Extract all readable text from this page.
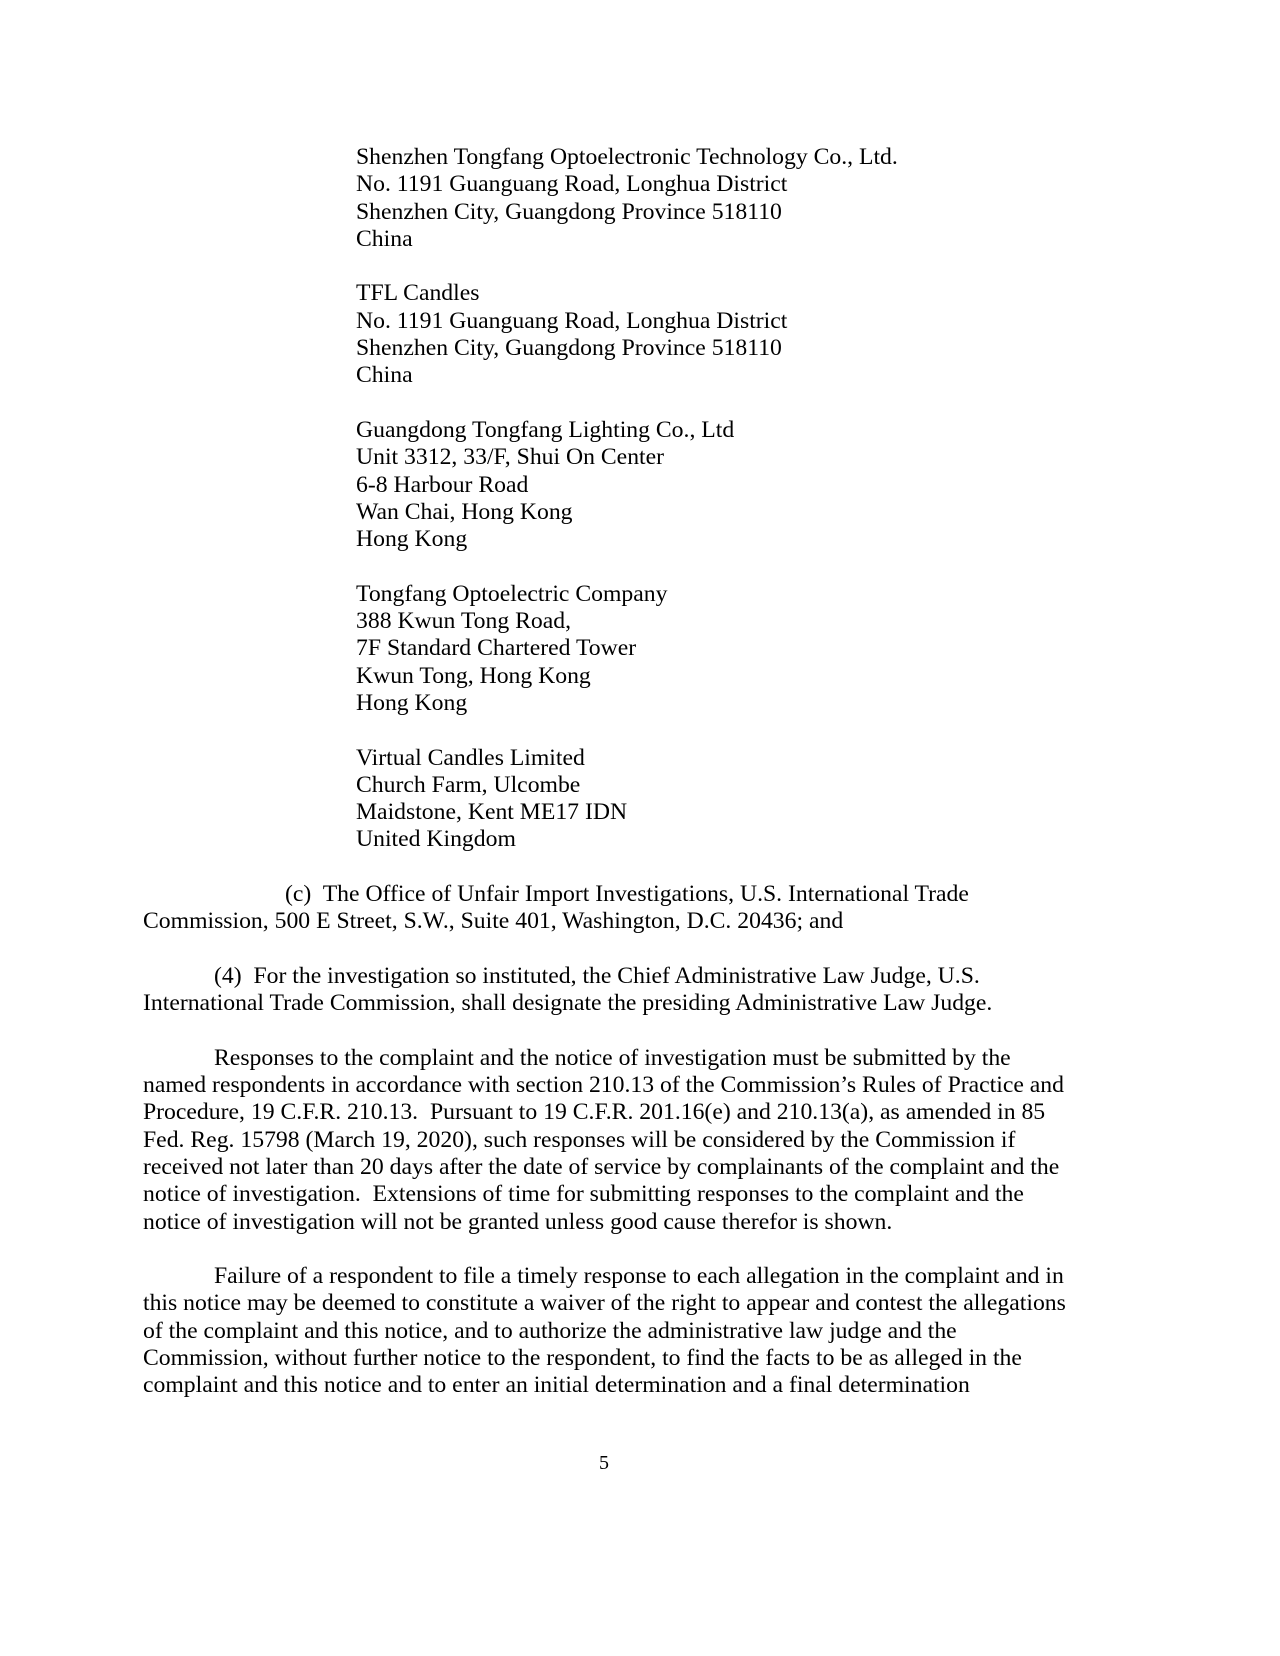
Shenzhen Tongfang Optoelectronic Technology Co., Ltd.
No. 1191 Guanguang Road, Longhua District
Shenzhen City, Guangdong Province 518110
China
TFL Candles
No. 1191 Guanguang Road, Longhua District
Shenzhen City, Guangdong Province 518110
China
Guangdong Tongfang Lighting Co., Ltd
Unit 3312, 33/F, Shui On Center
6-8 Harbour Road
Wan Chai, Hong Kong
Hong Kong
Tongfang Optoelectric Company
388 Kwun Tong Road,
7F Standard Chartered Tower
Kwun Tong, Hong Kong
Hong Kong
Virtual Candles Limited
Church Farm, Ulcombe
Maidstone, Kent ME17 IDN
United Kingdom
(c)  The Office of Unfair Import Investigations, U.S. International Trade
Commission, 500 E Street, S.W., Suite 401, Washington, D.C. 20436; and
(4)  For the investigation so instituted, the Chief Administrative Law Judge, U.S.
International Trade Commission, shall designate the presiding Administrative Law Judge.
Responses to the complaint and the notice of investigation must be submitted by the
named respondents in accordance with section 210.13 of the Commission’s Rules of Practice and
Procedure, 19 C.F.R. 210.13.  Pursuant to 19 C.F.R. 201.16(e) and 210.13(a), as amended in 85
Fed. Reg. 15798 (March 19, 2020), such responses will be considered by the Commission if
received not later than 20 days after the date of service by complainants of the complaint and the
notice of investigation.  Extensions of time for submitting responses to the complaint and the
notice of investigation will not be granted unless good cause therefor is shown.
Failure of a respondent to file a timely response to each allegation in the complaint and in
this notice may be deemed to constitute a waiver of the right to appear and contest the allegations
of the complaint and this notice, and to authorize the administrative law judge and the
Commission, without further notice to the respondent, to find the facts to be as alleged in the
complaint and this notice and to enter an initial determination and a final determination
5
